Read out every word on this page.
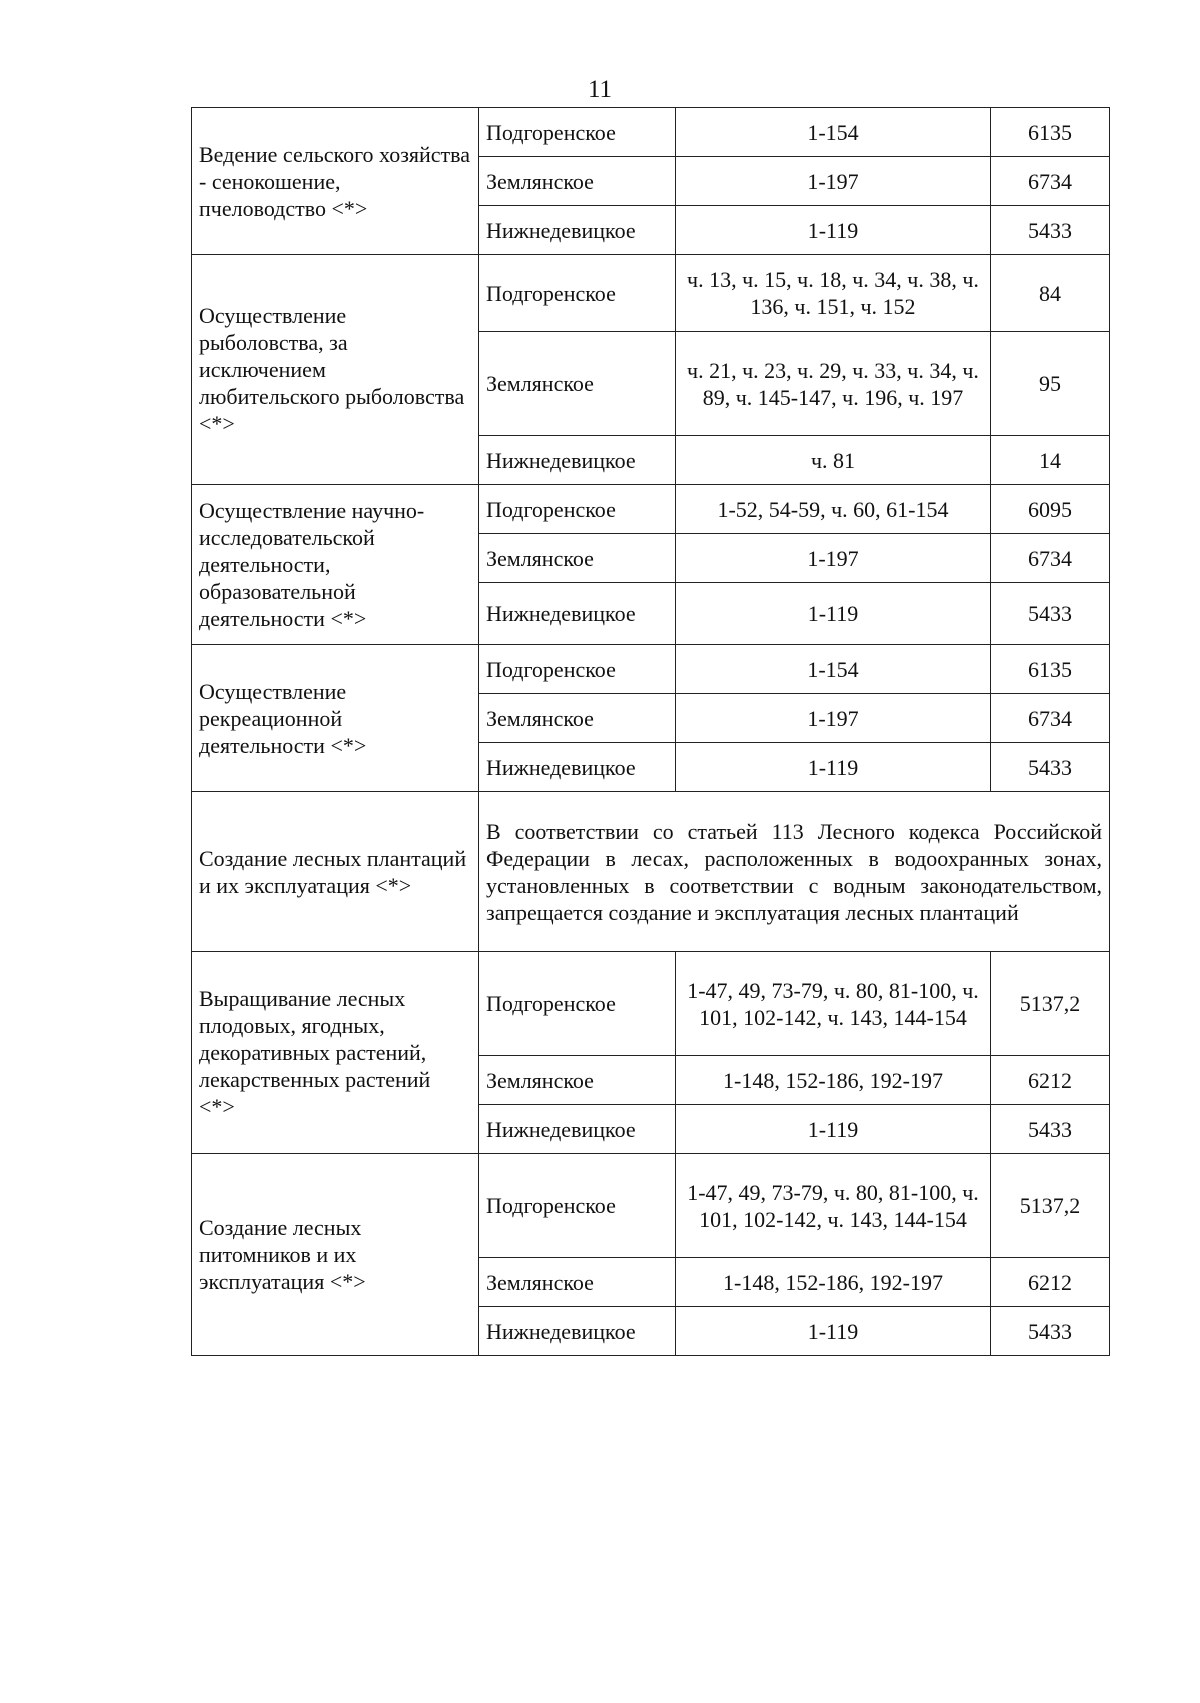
11
Ведение сельского хозяйства - сенокошение, пчеловодство <*>	Подгоренское	1-154	6135
	Землянское	1-197	6734
	Нижнедевицкое	1-119	5433
Осуществление рыболовства, за исключением любительского рыболовства <*>	Подгоренское	ч. 13, ч. 15, ч. 18, ч. 34, ч. 38, ч. 136, ч. 151, ч. 152	84
	Землянское	ч. 21, ч. 23, ч. 29, ч. 33, ч. 34, ч. 89, ч. 145-147, ч. 196, ч. 197	95
	Нижнедевицкое	ч. 81	14
Осуществление научно-исследовательской деятельности, образовательной деятельности <*>	Подгоренское	1-52, 54-59, ч. 60, 61-154	6095
	Землянское	1-197	6734
	Нижнедевицкое	1-119	5433
Осуществление рекреационной деятельности <*>	Подгоренское	1-154	6135
	Землянское	1-197	6734
	Нижнедевицкое	1-119	5433
Создание лесных плантаций и их эксплуатация <*>	В соответствии со статьей 113 Лесного кодекса Российской Федерации в лесах, расположенных в водоохранных зонах, установленных в соответствии с водным законодательством, запрещается создание и эксплуатация лесных плантаций		
Выращивание лесных плодовых, ягодных, декоративных растений, лекарственных растений <*>	Подгоренское	1-47, 49, 73-79, ч. 80, 81-100, ч. 101, 102-142, ч. 143, 144-154	5137,2
	Землянское	1-148, 152-186, 192-197	6212
	Нижнедевицкое	1-119	5433
Создание лесных питомников и их эксплуатация <*>	Подгоренское	1-47, 49, 73-79, ч. 80, 81-100, ч. 101, 102-142, ч. 143, 144-154	5137,2
	Землянское	1-148, 152-186, 192-197	6212
	Нижнедевицкое	1-119	5433
